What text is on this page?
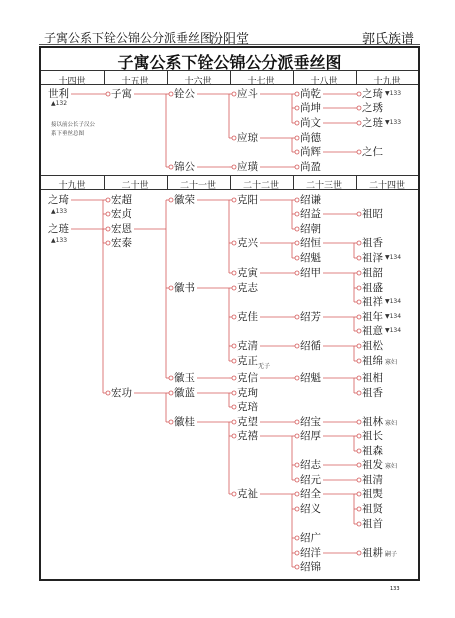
子寓公系下铨公锦公分派垂丝图
汾阳堂	郭氏族谱
子寓公系下铨公锦公分派垂丝图
十四世	十五世	十六世	十七世	十八世	十九世
十九世	二十世	二十一世	二十二世	二十三世	二十四世
世利
▲132
子寓	铨公
锦公
应斗
应琼
应璜
尚乾
尚坤
尚文
尚德
尚辉
尚盈
之琦 ▼133
之琇
之琏 ▼133
之仁
之琦
▲133
之琏
▲133
宏超
宏贞
宏恩
宏泰
宏功
徽荣
徽书
徽玉
徽蓝
徽桂
克阳
克兴
克寅
克志
克佳
克清
克正
克信
克珣
克琣
克望
克禧
克祉
无子
绍谦
绍益
绍朝
绍恒
绍魁
绍甲
绍芳
绍循
绍魁
绍宝
绍厚
绍志
绍元
绍全
绍义
绍广
绍洋
绍锦
祖昭
祖香
祖泽 ▼134
祖韶
祖盛
祖祥 ▼134
祖年 ▼134
祖意 ▼134
祖松
祖绵 寡妇
祖相
祖香
祖林 寡妇
祖长
祖森
祖发 寡妇
祖清
祖煚
祖贤
祖首
祖耕 嗣子
接以前公长子汉公系下垂丝总图
133
